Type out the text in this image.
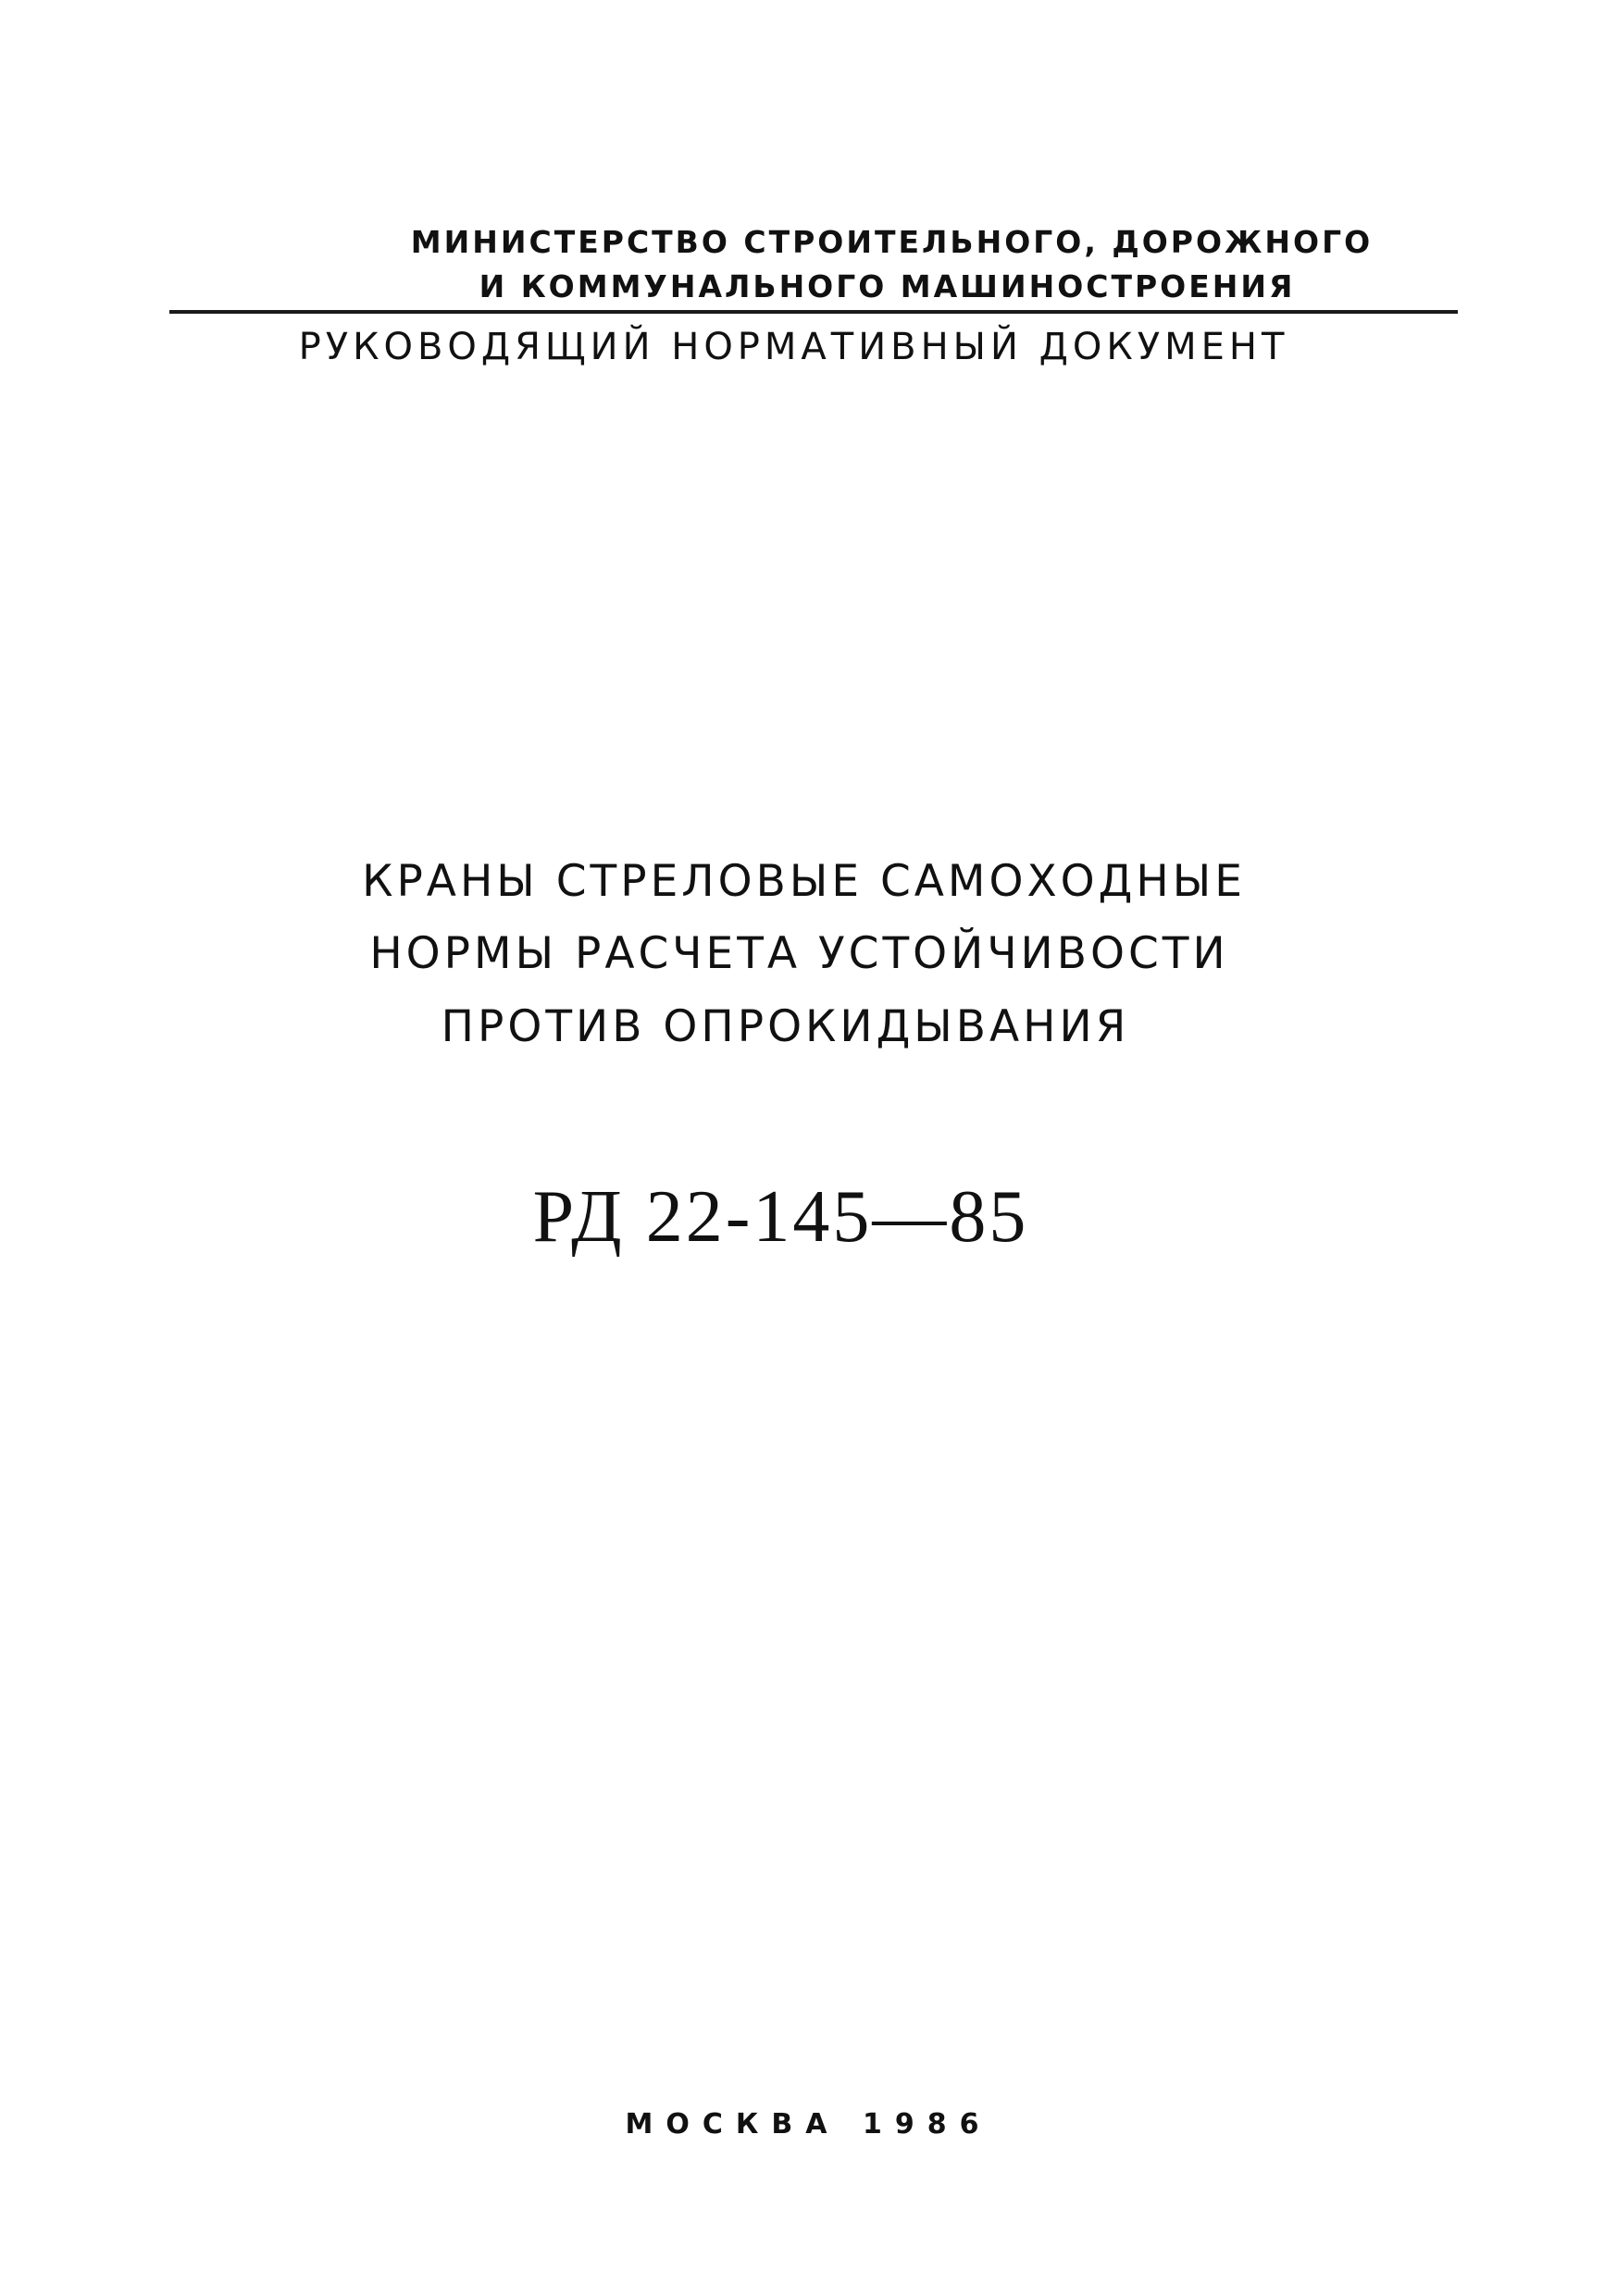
МИНИСТЕРСТВО СТРОИТЕЛЬНОГО, ДОРОЖНОГО
И КОММУНАЛЬНОГО МАШИНОСТРОЕНИЯ
РУКОВОДЯЩИЙ НОРМАТИВНЫЙ ДОКУМЕНТ
КРАНЫ СТРЕЛОВЫЕ САМОХОДНЫЕ
НОРМЫ РАСЧЕТА УСТОЙЧИВОСТИ
ПРОТИВ ОПРОКИДЫВАНИЯ
РД 22-145—85
МОСКВА 1986
